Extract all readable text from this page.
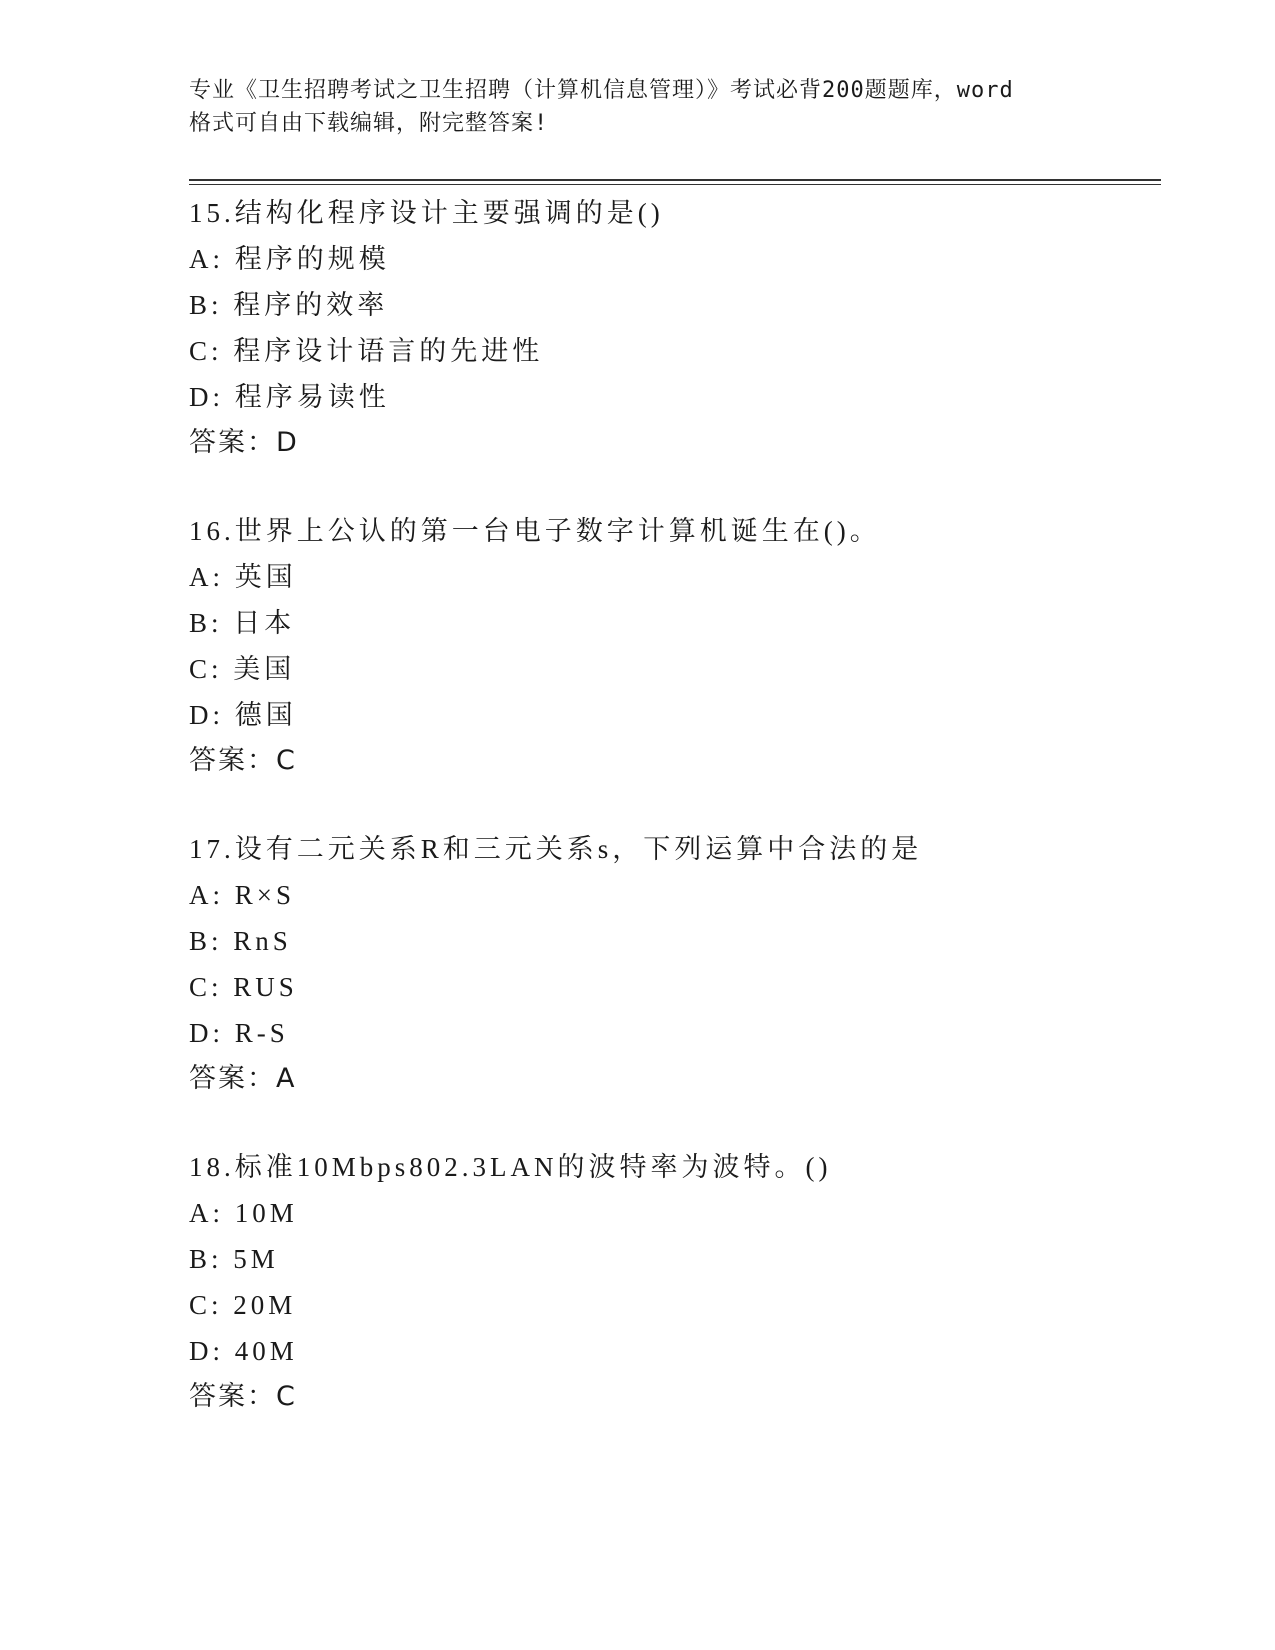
专业《卫生招聘考试之卫生招聘（计算机信息管理）》考试必背200题题库，word
格式可自由下载编辑，附完整答案!
15.结构化程序设计主要强调的是()
A: 程序的规模
B: 程序的效率
C: 程序设计语言的先进性
D: 程序易读性
答案：D
16.世界上公认的第一台电子数字计算机诞生在()。
A: 英国
B: 日本
C: 美国
D: 德国
答案：C
17.设有二元关系R和三元关系s，下列运算中合法的是
A: R×S
B: RnS
C: RUS
D: R-S
答案：A
18.标准10Mbps802.3LAN的波特率为波特。()
A: 10M
B: 5M
C: 20M
D: 40M
答案：C
